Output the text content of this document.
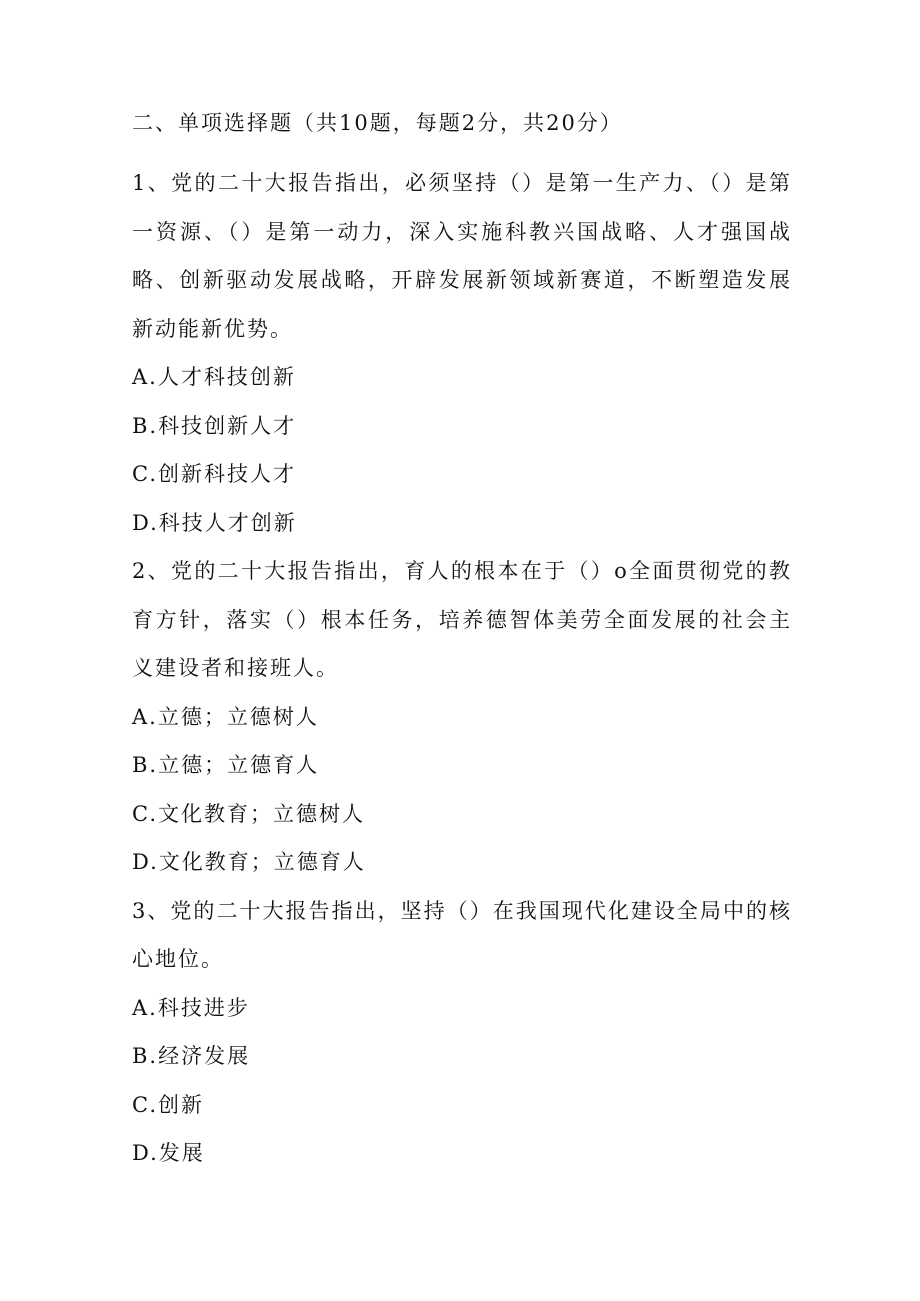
二、单项选择题（共10题，每题2分，共20分）

1、党的二十大报告指出，必须坚持（）是第一生产力、（）是第一资源、（）是第一动力，深入实施科教兴国战略、人才强国战略、创新驱动发展战略，开辟发展新领域新赛道，不断塑造发展新动能新优势。

A.人才科技创新

B.科技创新人才

C.创新科技人才

D.科技人才创新

2、党的二十大报告指出，育人的根本在于（）o全面贯彻党的教育方针，落实（）根本任务，培养德智体美劳全面发展的社会主义建设者和接班人。

A.立德；立德树人

B.立德；立德育人

C.文化教育；立德树人

D.文化教育；立德育人

3、党的二十大报告指出，坚持（）在我国现代化建设全局中的核心地位。

A.科技进步

B.经济发展

C.创新

D.发展
